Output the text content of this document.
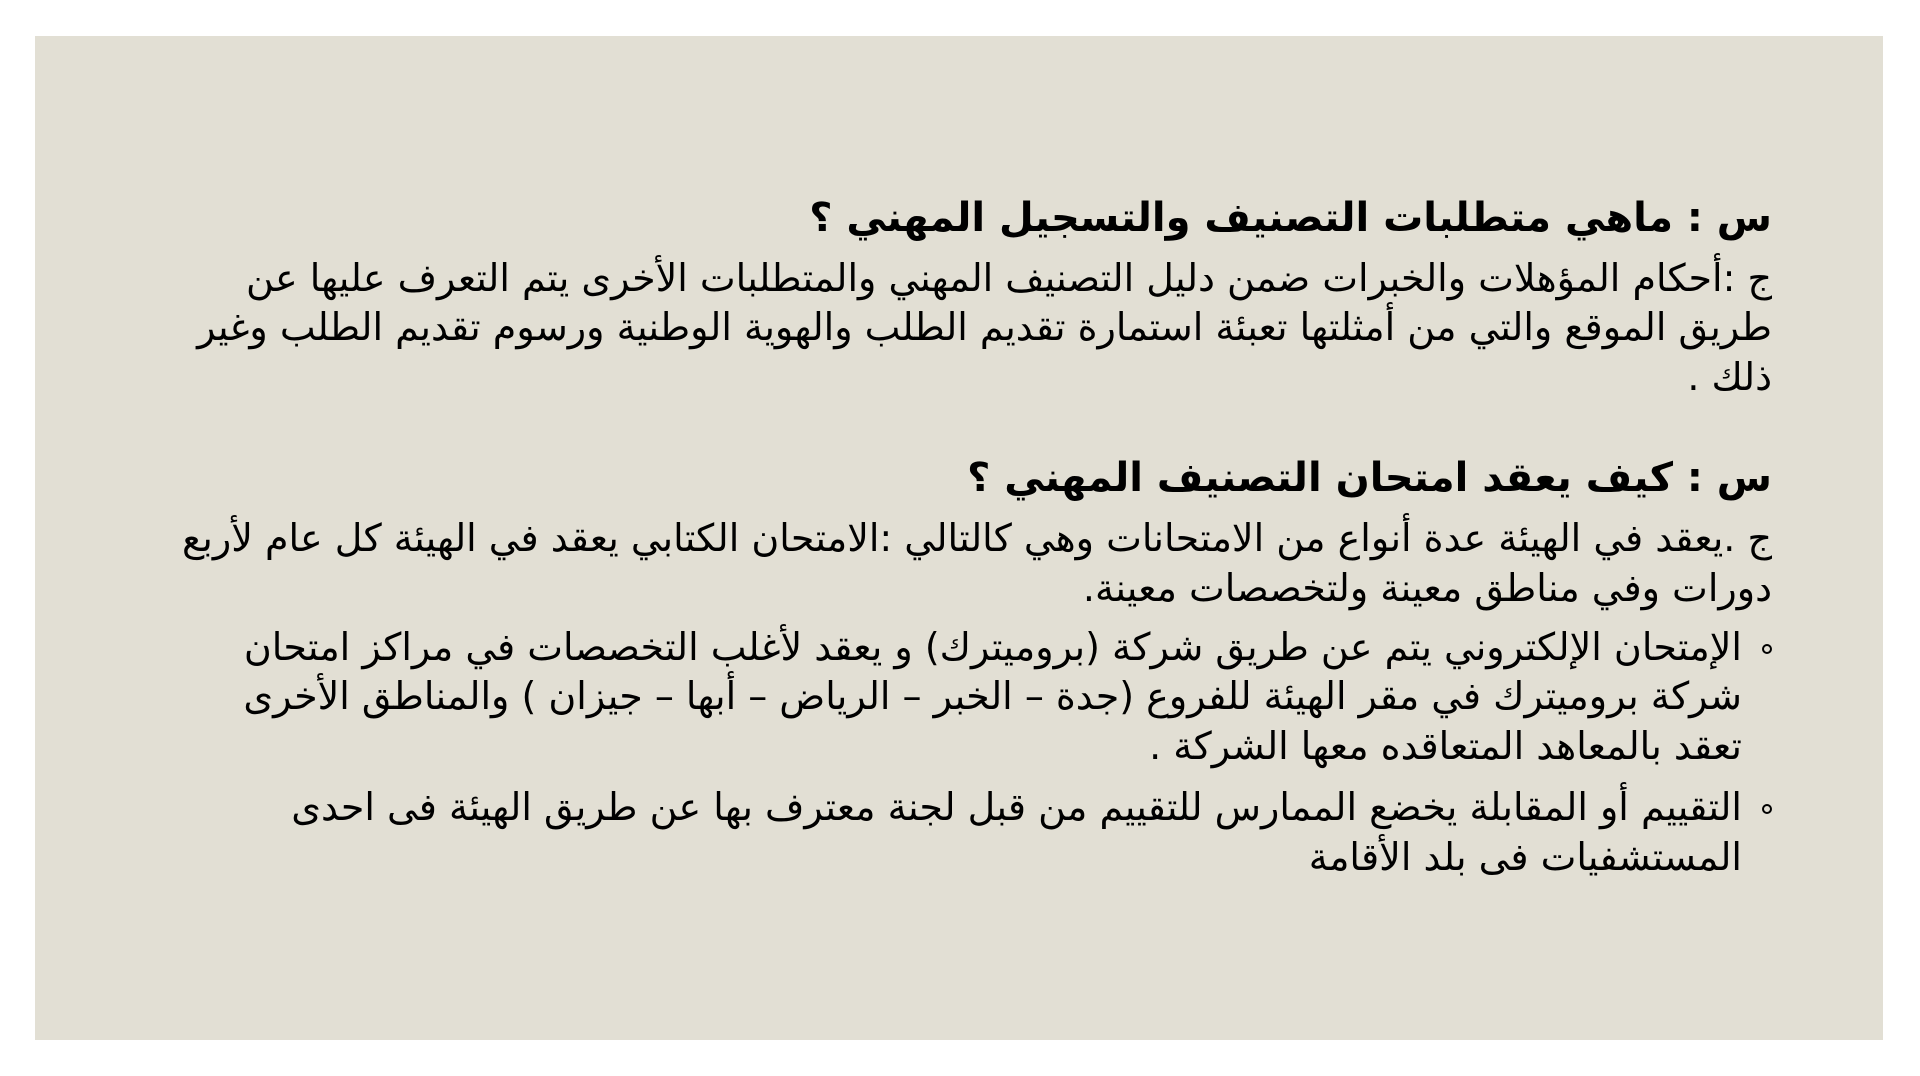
س : ماهي متطلبات التصنيف والتسجيل المهني ؟

ج :أحكام المؤهلات والخبرات ضمن دليل التصنيف المهني والمتطلبات الأخرى يتم التعرف عليها عن طريق الموقع والتي من أمثلتها تعبئة استمارة تقديم الطلب والهوية الوطنية ورسوم تقديم الطلب وغير ذلك .

س : كيف يعقد امتحان التصنيف المهني ؟

ج .يعقد في الهيئة عدة أنواع من الامتحانات وهي كالتالي :الامتحان الكتابي يعقد في الهيئة كل عام لأربع دورات وفي مناطق معينة ولتخصصات معينة.

الإمتحان الإلكتروني يتم عن طريق شركة (بروميترك) و يعقد لأغلب التخصصات في مراكز امتحان شركة بروميترك في مقر الهيئة للفروع (جدة – الخبر – الرياض – أبها – جيزان ) والمناطق الأخرى تعقد بالمعاهد المتعاقده معها الشركة .
التقييم أو المقابلة يخضع الممارس للتقييم من قبل لجنة معترف بها عن طريق الهيئة فى احدى المستشفيات فى بلد الأقامة
